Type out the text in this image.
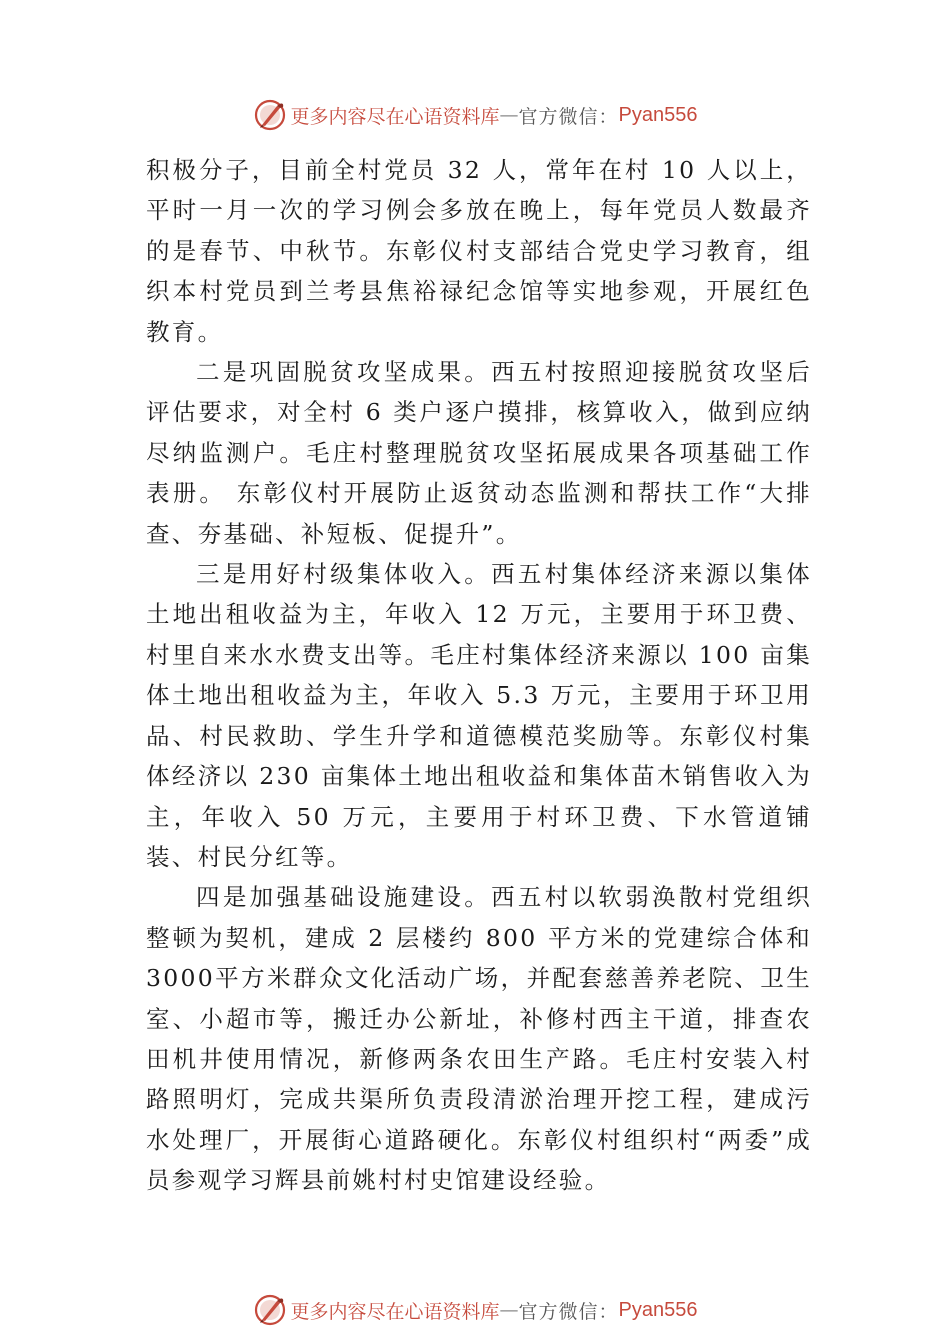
更多内容尽在心语资料库 — 官方微信： Pyan556

积极分子，目前全村党员 32 人，常年在村 10 人以上，平时一月一次的学习例会多放在晚上，每年党员人数最齐的是春节、中秋节。东彰仪村支部结合党史学习教育，组织本村党员到兰考县焦裕禄纪念馆等实地参观，开展红色教育。

二是巩固脱贫攻坚成果。西五村按照迎接脱贫攻坚后评估要求，对全村 6 类户逐户摸排，核算收入，做到应纳尽纳监测户。毛庄村整理脱贫攻坚拓展成果各项基础工作表册。 东彰仪村开展防止返贫动态监测和帮扶工作“大排查、夯基础、补短板、促提升”。

三是用好村级集体收入。西五村集体经济来源以集体土地出租收益为主，年收入 12 万元，主要用于环卫费、村里自来水水费支出等。毛庄村集体经济来源以 100 亩集体土地出租收益为主，年收入 5.3 万元，主要用于环卫用品、村民救助、学生升学和道德模范奖励等。东彰仪村集体经济以 230 亩集体土地出租收益和集体苗木销售收入为主，年收入 50 万元，主要用于村环卫费、下水管道铺装、村民分红等。

四是加强基础设施建设。西五村以软弱涣散村党组织整顿为契机，建成 2 层楼约 800 平方米的党建综合体和 3000平方米群众文化活动广场，并配套慈善养老院、卫生室、小超市等，搬迁办公新址，补修村西主干道，排查农田机井使用情况，新修两条农田生产路。毛庄村安装入村路照明灯，完成共渠所负责段清淤治理开挖工程，建成污水处理厂，开展街心道路硬化。东彰仪村组织村“两委”成员参观学习辉县前姚村村史馆建设经验。

更多内容尽在心语资料库 — 官方微信： Pyan556
